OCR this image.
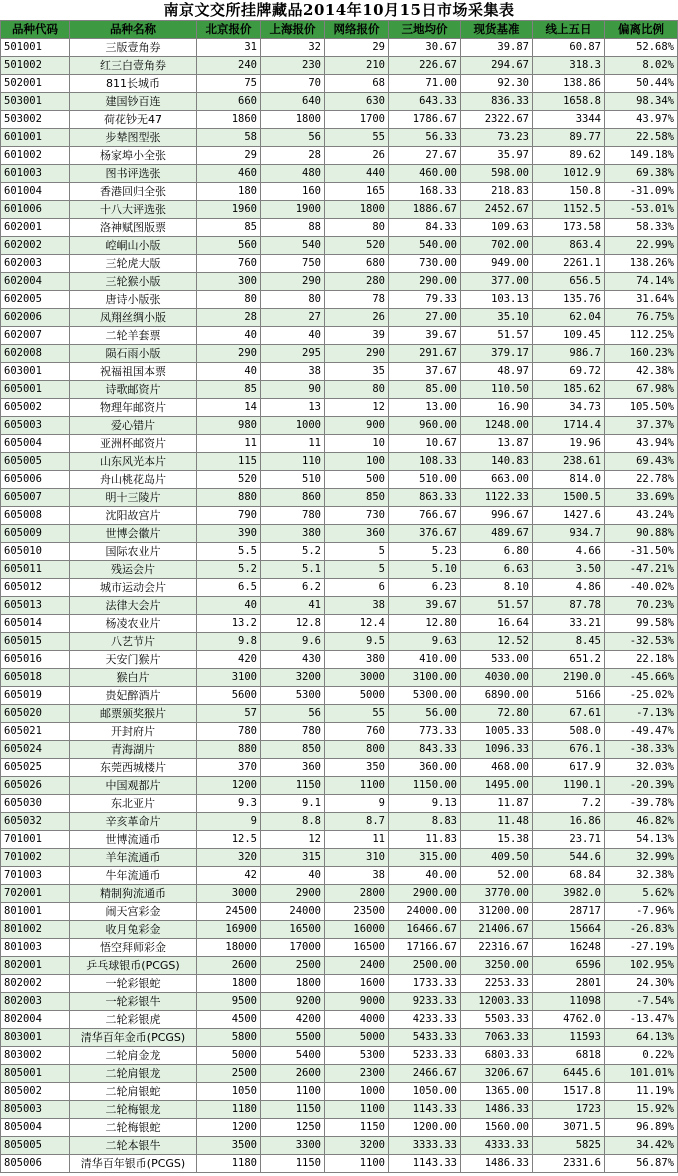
南京文交所挂牌藏品2014年10月15日市场采集表
品种代码	品种名称	北京报价	上海报价	网络报价	三地均价	现货基准	线上五日	偏离比例
501001	三版壹角券	31	32	29	30.67	39.87	60.87	52.68%
501002	红三白壹角券	240	230	210	226.67	294.67	318.3	8.02%
502001	811长城币	75	70	68	71.00	92.30	138.86	50.44%
503001	建国钞百连	660	640	630	643.33	836.33	1658.8	98.34%
503002	荷花钞无47	1860	1800	1700	1786.67	2322.67	3344	43.97%
601001	步辇图型张	58	56	55	56.33	73.23	89.77	22.58%
601002	杨家埠小全张	29	28	26	27.67	35.97	89.62	149.18%
601003	图书评选张	460	480	440	460.00	598.00	1012.9	69.38%
601004	香港回归全张	180	160	165	168.33	218.83	150.8	-31.09%
601006	十八大评选张	1960	1900	1800	1886.67	2452.67	1152.5	-53.01%
602001	洛神赋图版票	85	88	80	84.33	109.63	173.58	58.33%
602002	崆峒山小版	560	540	520	540.00	702.00	863.4	22.99%
602003	三轮虎大版	760	750	680	730.00	949.00	2261.1	138.26%
602004	三轮猴小版	300	290	280	290.00	377.00	656.5	74.14%
602005	唐诗小版张	80	80	78	79.33	103.13	135.76	31.64%
602006	凤翔丝绸小版	28	27	26	27.00	35.10	62.04	76.75%
602007	二轮羊套票	40	40	39	39.67	51.57	109.45	112.25%
602008	陨石雨小版	290	295	290	291.67	379.17	986.7	160.23%
603001	祝福祖国本票	40	38	35	37.67	48.97	69.72	42.38%
605001	诗歌邮资片	85	90	80	85.00	110.50	185.62	67.98%
605002	物理年邮资片	14	13	12	13.00	16.90	34.73	105.50%
605003	爱心错片	980	1000	900	960.00	1248.00	1714.4	37.37%
605004	亚洲杯邮资片	11	11	10	10.67	13.87	19.96	43.94%
605005	山东风光本片	115	110	100	108.33	140.83	238.61	69.43%
605006	舟山桃花岛片	520	510	500	510.00	663.00	814.0	22.78%
605007	明十三陵片	880	860	850	863.33	1122.33	1500.5	33.69%
605008	沈阳故宫片	790	780	730	766.67	996.67	1427.6	43.24%
605009	世博会徽片	390	380	360	376.67	489.67	934.7	90.88%
605010	国际农业片	5.5	5.2	5	5.23	6.80	4.66	-31.50%
605011	残运会片	5.2	5.1	5	5.10	6.63	3.50	-47.21%
605012	城市运动会片	6.5	6.2	6	6.23	8.10	4.86	-40.02%
605013	法律大会片	40	41	38	39.67	51.57	87.78	70.23%
605014	杨凌农业片	13.2	12.8	12.4	12.80	16.64	33.21	99.58%
605015	八艺节片	9.8	9.6	9.5	9.63	12.52	8.45	-32.53%
605016	天安门猴片	420	430	380	410.00	533.00	651.2	22.18%
605018	猴白片	3100	3200	3000	3100.00	4030.00	2190.0	-45.66%
605019	贵妃醉酒片	5600	5300	5000	5300.00	6890.00	5166	-25.02%
605020	邮票颁奖猴片	57	56	55	56.00	72.80	67.61	-7.13%
605021	开封府片	780	780	760	773.33	1005.33	508.0	-49.47%
605024	青海湖片	880	850	800	843.33	1096.33	676.1	-38.33%
605025	东莞西城楼片	370	360	350	360.00	468.00	617.9	32.03%
605026	中国观都片	1200	1150	1100	1150.00	1495.00	1190.1	-20.39%
605030	东北亚片	9.3	9.1	9	9.13	11.87	7.2	-39.78%
605032	辛亥革命片	9	8.8	8.7	8.83	11.48	16.86	46.82%
701001	世博流通币	12.5	12	11	11.83	15.38	23.71	54.13%
701002	羊年流通币	320	315	310	315.00	409.50	544.6	32.99%
701003	牛年流通币	42	40	38	40.00	52.00	68.84	32.38%
702001	精制狗流通币	3000	2900	2800	2900.00	3770.00	3982.0	5.62%
801001	闹天宫彩金	24500	24000	23500	24000.00	31200.00	28717	-7.96%
801002	收月兔彩金	16900	16500	16000	16466.67	21406.67	15664	-26.83%
801003	悟空拜师彩金	18000	17000	16500	17166.67	22316.67	16248	-27.19%
802001	乒乓球银币(PCGS)	2600	2500	2400	2500.00	3250.00	6596	102.95%
802002	一轮彩银蛇	1800	1800	1600	1733.33	2253.33	2801	24.30%
802003	一轮彩银牛	9500	9200	9000	9233.33	12003.33	11098	-7.54%
802004	二轮彩银虎	4500	4200	4000	4233.33	5503.33	4762.0	-13.47%
803001	清华百年金币(PCGS)	5800	5500	5000	5433.33	7063.33	11593	64.13%
803002	二轮肩金龙	5000	5400	5300	5233.33	6803.33	6818	0.22%
805001	二轮肩银龙	2500	2600	2300	2466.67	3206.67	6445.6	101.01%
805002	二轮肩银蛇	1050	1100	1000	1050.00	1365.00	1517.8	11.19%
805003	二轮梅银龙	1180	1150	1100	1143.33	1486.33	1723	15.92%
805004	二轮梅银蛇	1200	1250	1150	1200.00	1560.00	3071.5	96.89%
805005	二轮本银牛	3500	3300	3200	3333.33	4333.33	5825	34.42%
805006	清华百年银币(PCGS)	1180	1150	1100	1143.33	1486.33	2331.6	56.87%
